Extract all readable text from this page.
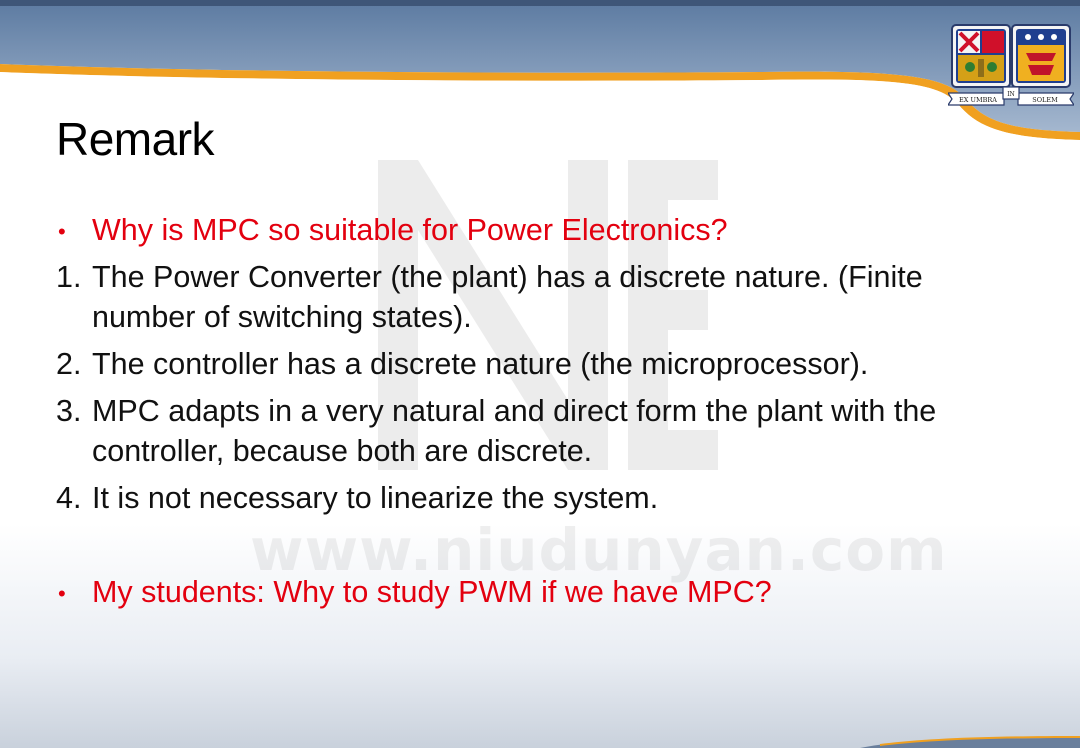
www.niudunyan.com
EX UMBRA
IN
SOLEM
Remark
• Why is MPC so suitable for Power Electronics?
1. The Power Converter (the plant) has a discrete nature. (Finite
number of switching states).
2. The controller has a discrete nature (the microprocessor).
3. MPC adapts in a very natural and direct form the plant with the
controller, because both are discrete.
4. It is not necessary to linearize the system.
• My students: Why to study PWM if we have MPC?
